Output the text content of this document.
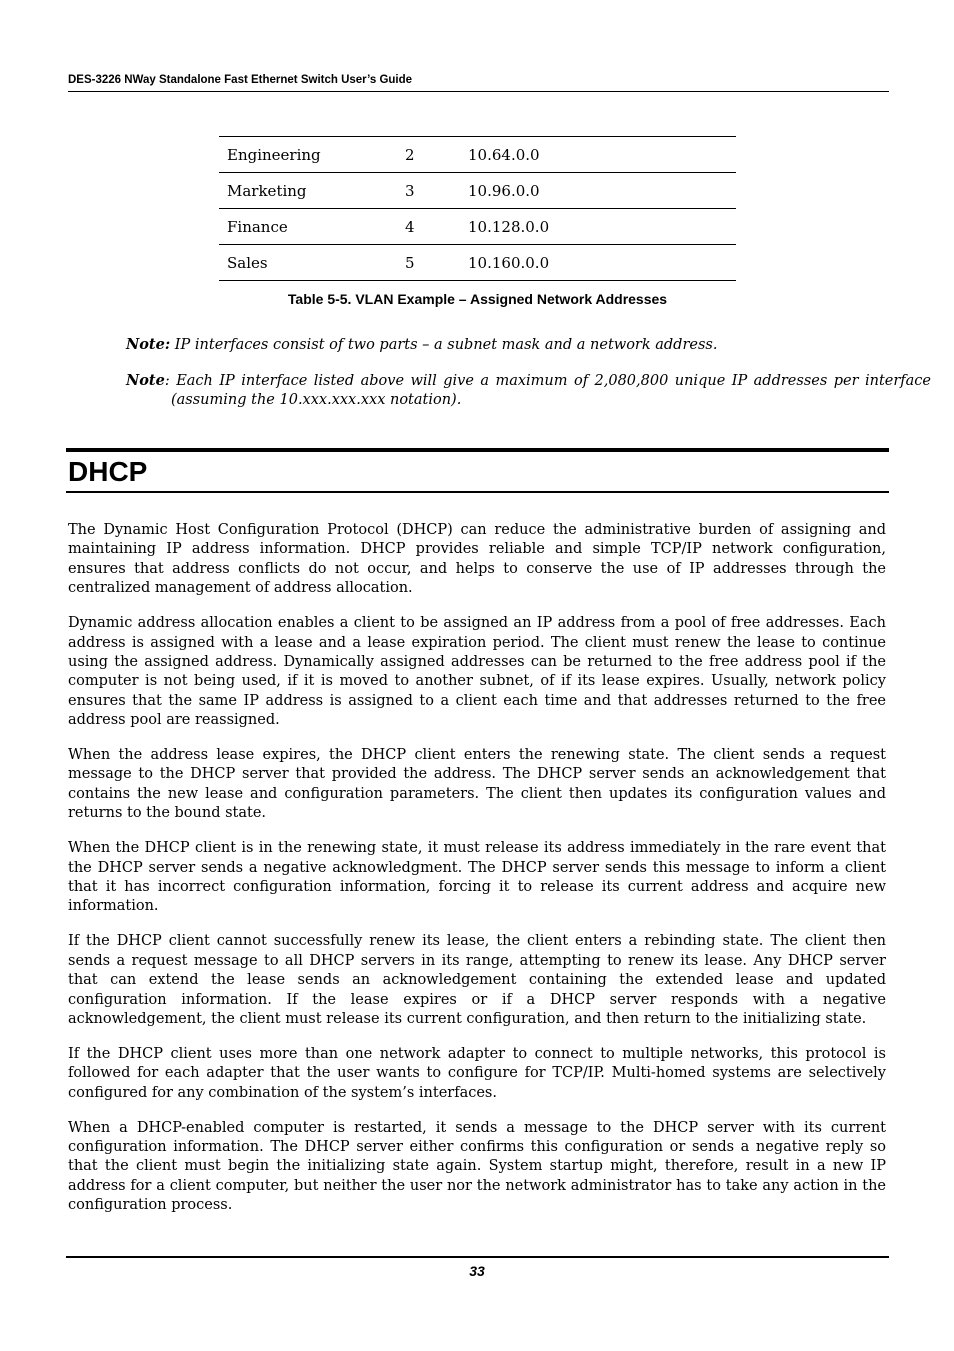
DES-3226 NWay Standalone Fast Ethernet Switch User’s Guide
Engineering	2	10.64.0.0
Marketing	3	10.96.0.0
Finance	4	10.128.0.0
Sales	5	10.160.0.0
Table 5-5. VLAN Example – Assigned Network Addresses
Note: IP interfaces consist of two parts – a subnet mask and a network address.
Note: Each IP interface listed above will give a maximum of 2,080,800 unique IP addresses per interface (assuming the 10.xxx.xxx.xxx notation).
DHCP

The Dynamic Host Configuration Protocol (DHCP) can reduce the administrative burden of assigning and maintaining IP address information. DHCP provides reliable and simple TCP/IP network configuration, ensures that address conflicts do not occur, and helps to conserve the use of IP addresses through the centralized management of address allocation.

Dynamic address allocation enables a client to be assigned an IP address from a pool of free addresses. Each address is assigned with a lease and a lease expiration period. The client must renew the lease to continue using the assigned address. Dynamically assigned addresses can be returned to the free address pool if the computer is not being used, if it is moved to another subnet, of if its lease expires. Usually, network policy ensures that the same IP address is assigned to a client each time and that addresses returned to the free address pool are reassigned.

When the address lease expires, the DHCP client enters the renewing state. The client sends a request message to the DHCP server that provided the address. The DHCP server sends an acknowledgement that contains the new lease and configuration parameters. The client then updates its configuration values and returns to the bound state.

When the DHCP client is in the renewing state, it must release its address immediately in the rare event that the DHCP server sends a negative acknowledgment. The DHCP server sends this message to inform a client that it has incorrect configuration information, forcing it to release its current address and acquire new information.

If the DHCP client cannot successfully renew its lease, the client enters a rebinding state. The client then sends a request message to all DHCP servers in its range, attempting to renew its lease. Any DHCP server that can extend the lease sends an acknowledgement containing the extended lease and updated configuration information. If the lease expires or if a DHCP server responds with a negative acknowledgement, the client must release its current configuration, and then return to the initializing state.

If the DHCP client uses more than one network adapter to connect to multiple networks, this protocol is followed for each adapter that the user wants to configure for TCP/IP. Multi-homed systems are selectively configured for any combination of the system’s interfaces.

When a DHCP-enabled computer is restarted, it sends a message to the DHCP server with its current configuration information. The DHCP server either confirms this configuration or sends a negative reply so that the client must begin the initializing state again. System startup might, therefore, result in a new IP address for a client computer, but neither the user nor the network administrator has to take any action in the configuration process.

33
